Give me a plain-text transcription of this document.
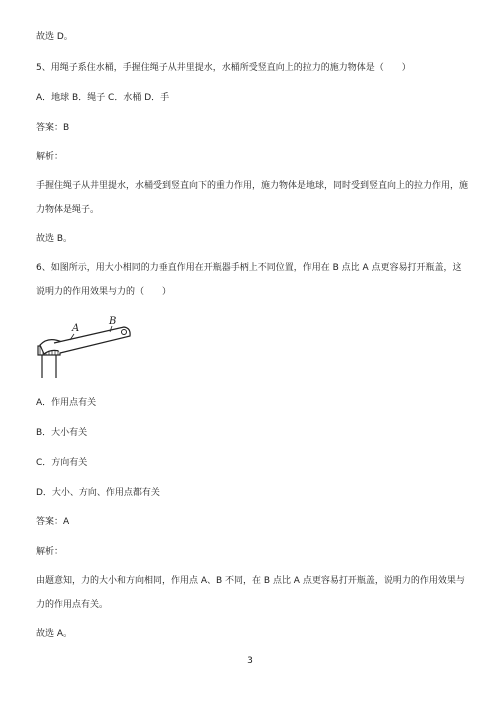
故选 D。
5、用绳子系住水桶，手握住绳子从井里提水，水桶所受竖直向上的拉力的施力物体是（　　）
A．地球 B．绳子 C．水桶 D．手
答案：B
解析：
手握住绳子从井里提水，水桶受到竖直向下的重力作用，施力物体是地球，同时受到竖直向上的拉力作用，施力物体是绳子。
故选 B。
6、如图所示，用大小相同的力垂直作用在开瓶器手柄上不同位置，作用在 B 点比 A 点更容易打开瓶盖，这说明力的作用效果与力的（　　）
A
B
A．作用点有关
B．大小有关
C．方向有关
D．大小、方向、作用点都有关
答案：A
解析：
由题意知，力的大小和方向相同，作用点 A、B 不同，在 B 点比 A 点更容易打开瓶盖，说明力的作用效果与力的作用点有关。
故选 A。
3
